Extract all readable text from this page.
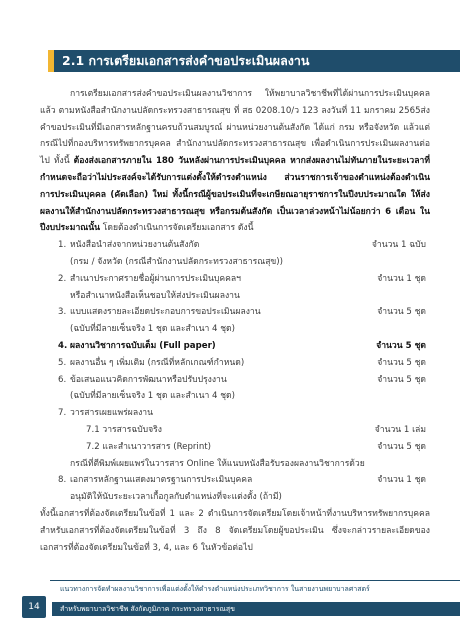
2.1 การเตรียมเอกสารส่งคำขอประเมินผลงาน

การเตรียมเอกสารส่งคำขอประเมินผลงานวิชาการ ให้พยาบาลวิชาชีพที่ได้ผ่านการประเมินบุคคลแล้ว ตามหนังสือสำนักงานปลัดกระทรวงสาธารณสุข ที่ สธ 0208.10/ว 123 ลงวันที่ 11 มกราคม 2565ส่งคำขอประเมินที่มีเอกสารหลักฐานครบถ้วนสมบูรณ์ ผ่านหน่วยงานต้นสังกัด ได้แก่ กรม หรือจังหวัด แล้วแต่กรณีไปที่กองบริหารทรัพยากรบุคคล สำนักงานปลัดกระทรวงสาธารณสุข เพื่อดำเนินการประเมินผลงานต่อไป ทั้งนี้ ต้องส่งเอกสารภายใน 180 วันหลังผ่านการประเมินบุคคล หากส่งผลงานไม่ทันภายในระยะเวลาที่กำหนดจะถือว่าไม่ประสงค์จะได้รับการแต่งตั้งให้ดำรงตำแหน่ง ส่วนราชการเจ้าของตำแหน่งต้องดำเนินการประเมินบุคคล (คัดเลือก) ใหม่ ทั้งนี้กรณีผู้ขอประเมินที่จะเกษียณอายุราชการในปีงบประมาณใด ให้ส่งผลงานให้สำนักงานปลัดกระทรวงสาธารณสุข หรือกรมต้นสังกัด เป็นเวลาล่วงหน้าไม่น้อยกว่า 6 เดือน ในปีงบประมาณนั้น โดยต้องดำเนินการจัดเตรียมเอกสาร ดังนี้

1. หนังสือนำส่งจากหน่วยงานต้นสังกัด	จำนวน 1 ฉบับ
(กรม / จังหวัด (กรณีสำนักงานปลัดกระทรวงสาธารณสุข))
2. สำเนาประกาศรายชื่อผู้ผ่านการประเมินบุคคลฯ	จำนวน 1 ชุด
หรือสำเนาหนังสือเห็นชอบให้ส่งประเมินผลงาน
3. แบบแสดงรายละเอียดประกอบการขอประเมินผลงาน	จำนวน 5 ชุด
(ฉบับที่มีลายเซ็นจริง 1 ชุด และสำเนา 4 ชุด)
4. ผลงานวิชาการฉบับเต็ม (Full paper)	จำนวน 5 ชุด
5. ผลงานอื่น ๆ เพิ่มเติม (กรณีที่หลักเกณฑ์กำหนด)	จำนวน 5 ชุด
6. ข้อเสนอแนวคิดการพัฒนาหรือปรับปรุงงาน	จำนวน 5 ชุด
(ฉบับที่มีลายเซ็นจริง 1 ชุด และสำเนา 4 ชุด)
7. วารสารเผยแพร่ผลงาน
7.1 วารสารฉบับจริง	จำนวน 1 เล่ม
7.2 และสำเนาวารสาร (Reprint)	จำนวน 5 ชุด
กรณีที่ตีพิมพ์เผยแพร่ในวารสาร Online ให้แนบหนังสือรับรองผลงานวิชาการด้วย
8. เอกสารหลักฐานแสดงมาตรฐานการประเมินบุคคล	จำนวน 1 ชุด
อนุมัติให้นับระยะเวลาเกื้อกูลกับตำแหน่งที่จะแต่งตั้ง (ถ้ามี)

ทั้งนี้เอกสารที่ต้องจัดเตรียมในข้อที่ 1 และ 2 ดำเนินการจัดเตรียมโดยเจ้าหน้าที่งานบริหารทรัพยากรบุคคลสำหรับเอกสารที่ต้องจัดเตรียมในข้อที่ 3 ถึง 8 จัดเตรียมโดยผู้ขอประเมิน ซึ่งจะกล่าวรายละเอียดของเอกสารที่ต้องจัดเตรียมในข้อที่ 3, 4, และ 6 ในหัวข้อต่อไป

แนวทางการจัดทำผลงานวิชาการเพื่อแต่งตั้งให้ดำรงตำแหน่งประเภทวิชาการ ในสายงานพยาบาลศาสตร์
14	สำหรับพยาบาลวิชาชีพ สังกัดภูมิภาค กระทรวงสาธารณสุข
